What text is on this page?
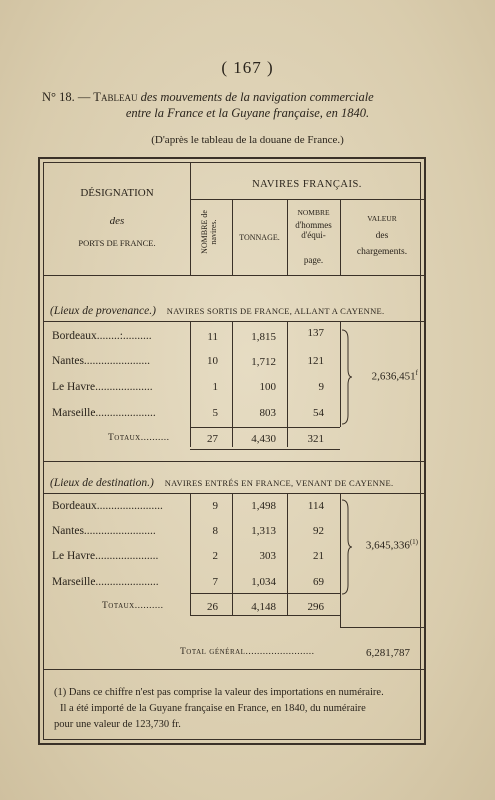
( 167 )
N° 18. — Tableau des mouvements de la navigation commerciale
entre la France et la Guyane française, en 1840.
(D'après le tableau de la douane de France.)
DÉSIGNATION
des
PORTS DE FRANCE.
NAVIRES FRANÇAIS.
NOMBRE de navires.	TONNAGE.
NOMBRE
d'hommes d'équi-
page.
VALEUR
des
chargements.
(Lieux de provenance.) NAVIRES SORTIS DE FRANCE, ALLANT A CAYENNE.
Bordeaux........:..........	11	1,815	137
Nantes.......................	10	1,712	121
Le Havre....................	1	100	9
Marseille.....................	5	803	54
2,636,451$^f$
Totaux..........	27	4,430	321
(Lieux de destination.) NAVIRES ENTRÉS EN FRANCE, VENANT DE CAYENNE.
Bordeaux.......................	9	1,498	114
Nantes.........................	8	1,313	92
Le Havre......................	2	303	21
Marseille......................	7	1,034	69
3,645,336$^{(1)}$
Totaux..........	26	4,148	296
Total général........................	6,281,787
(1) Dans ce chiffre n'est pas comprise la valeur des importations en numéraire.
Il a été importé de la Guyane française en France, en 1840, du numéraire
pour une valeur de 123,730 fr.
